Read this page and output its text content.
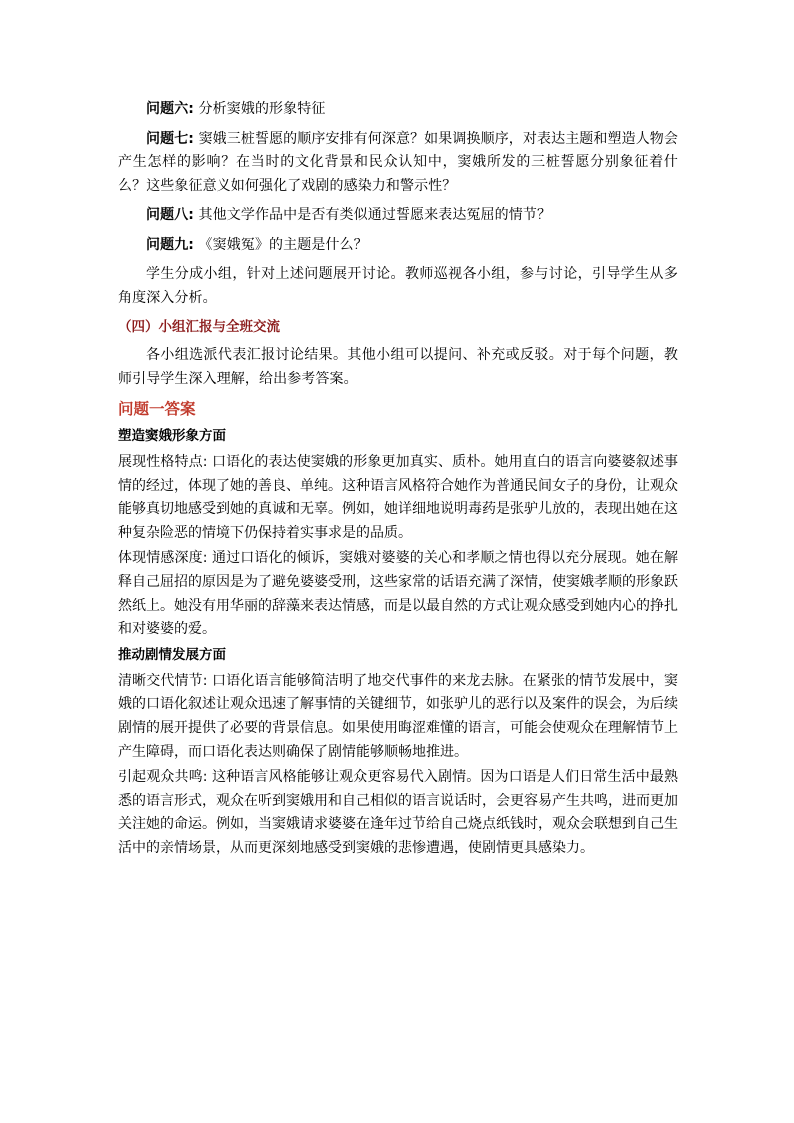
问题六: 分析窦娥的形象特征

问题七: 窦娥三桩誓愿的顺序安排有何深意？如果调换顺序，对表达主题和塑造人物会产生怎样的影响？在当时的文化背景和民众认知中，窦娥所发的三桩誓愿分别象征着什么？这些象征意义如何强化了戏剧的感染力和警示性？

问题八: 其他文学作品中是否有类似通过誓愿来表达冤屈的情节？

问题九: 《窦娥冤》的主题是什么？

学生分成小组，针对上述问题展开讨论。教师巡视各小组，参与讨论，引导学生从多角度深入分析。

（四）小组汇报与全班交流

各小组选派代表汇报讨论结果。其他小组可以提问、补充或反驳。对于每个问题，教师引导学生深入理解，给出参考答案。

问题一答案
塑造窦娥形象方面

展现性格特点: 口语化的表达使窦娥的形象更加真实、质朴。她用直白的语言向婆婆叙述事情的经过，体现了她的善良、单纯。这种语言风格符合她作为普通民间女子的身份，让观众能够真切地感受到她的真诚和无辜。例如，她详细地说明毒药是张驴儿放的，表现出她在这种复杂险恶的情境下仍保持着实事求是的品质。

体现情感深度: 通过口语化的倾诉，窦娥对婆婆的关心和孝顺之情也得以充分展现。她在解释自己屈招的原因是为了避免婆婆受刑，这些家常的话语充满了深情，使窦娥孝顺的形象跃然纸上。她没有用华丽的辞藻来表达情感，而是以最自然的方式让观众感受到她内心的挣扎和对婆婆的爱。

推动剧情发展方面

清晰交代情节: 口语化语言能够简洁明了地交代事件的来龙去脉。在紧张的情节发展中，窦娥的口语化叙述让观众迅速了解事情的关键细节，如张驴儿的恶行以及案件的误会，为后续剧情的展开提供了必要的背景信息。如果使用晦涩难懂的语言，可能会使观众在理解情节上产生障碍，而口语化表达则确保了剧情能够顺畅地推进。

引起观众共鸣: 这种语言风格能够让观众更容易代入剧情。因为口语是人们日常生活中最熟悉的语言形式，观众在听到窦娥用和自己相似的语言说话时，会更容易产生共鸣，进而更加关注她的命运。例如，当窦娥请求婆婆在逢年过节给自己烧点纸钱时，观众会联想到自己生活中的亲情场景，从而更深刻地感受到窦娥的悲惨遭遇，使剧情更具感染力。
